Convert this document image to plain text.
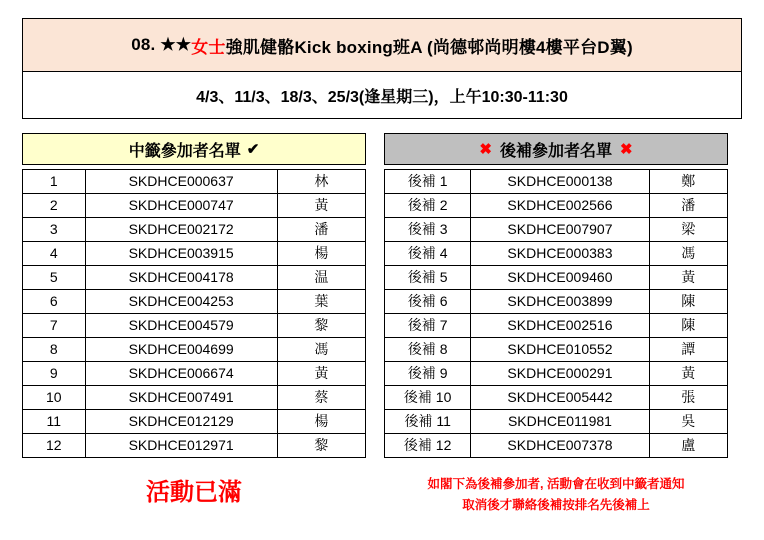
08. ★★ 女士 強肌健骼Kick boxing班A (尚德邨尚明樓4樓平台D翼)
4/3、11/3、18/3、25/3(逢星期三)，上午10:30-11:30
中籤參加者名單 ✔
1	SKDHCE000637	林
2	SKDHCE000747	黃
3	SKDHCE002172	潘
4	SKDHCE003915	楊
5	SKDHCE004178	温
6	SKDHCE004253	葉
7	SKDHCE004579	黎
8	SKDHCE004699	馮
9	SKDHCE006674	黃
10	SKDHCE007491	蔡
11	SKDHCE012129	楊
12	SKDHCE012971	黎
✖ 後補參加者名單 ✖
後補 1	SKDHCE000138	鄭
後補 2	SKDHCE002566	潘
後補 3	SKDHCE007907	梁
後補 4	SKDHCE000383	馮
後補 5	SKDHCE009460	黃
後補 6	SKDHCE003899	陳
後補 7	SKDHCE002516	陳
後補 8	SKDHCE010552	譚
後補 9	SKDHCE000291	黃
後補 10	SKDHCE005442	張
後補 11	SKDHCE011981	吳
後補 12	SKDHCE007378	盧
活動已滿	如閣下為後補參加者, 活動會在收到中籤者通知
取消後才聯絡後補按排名先後補上
